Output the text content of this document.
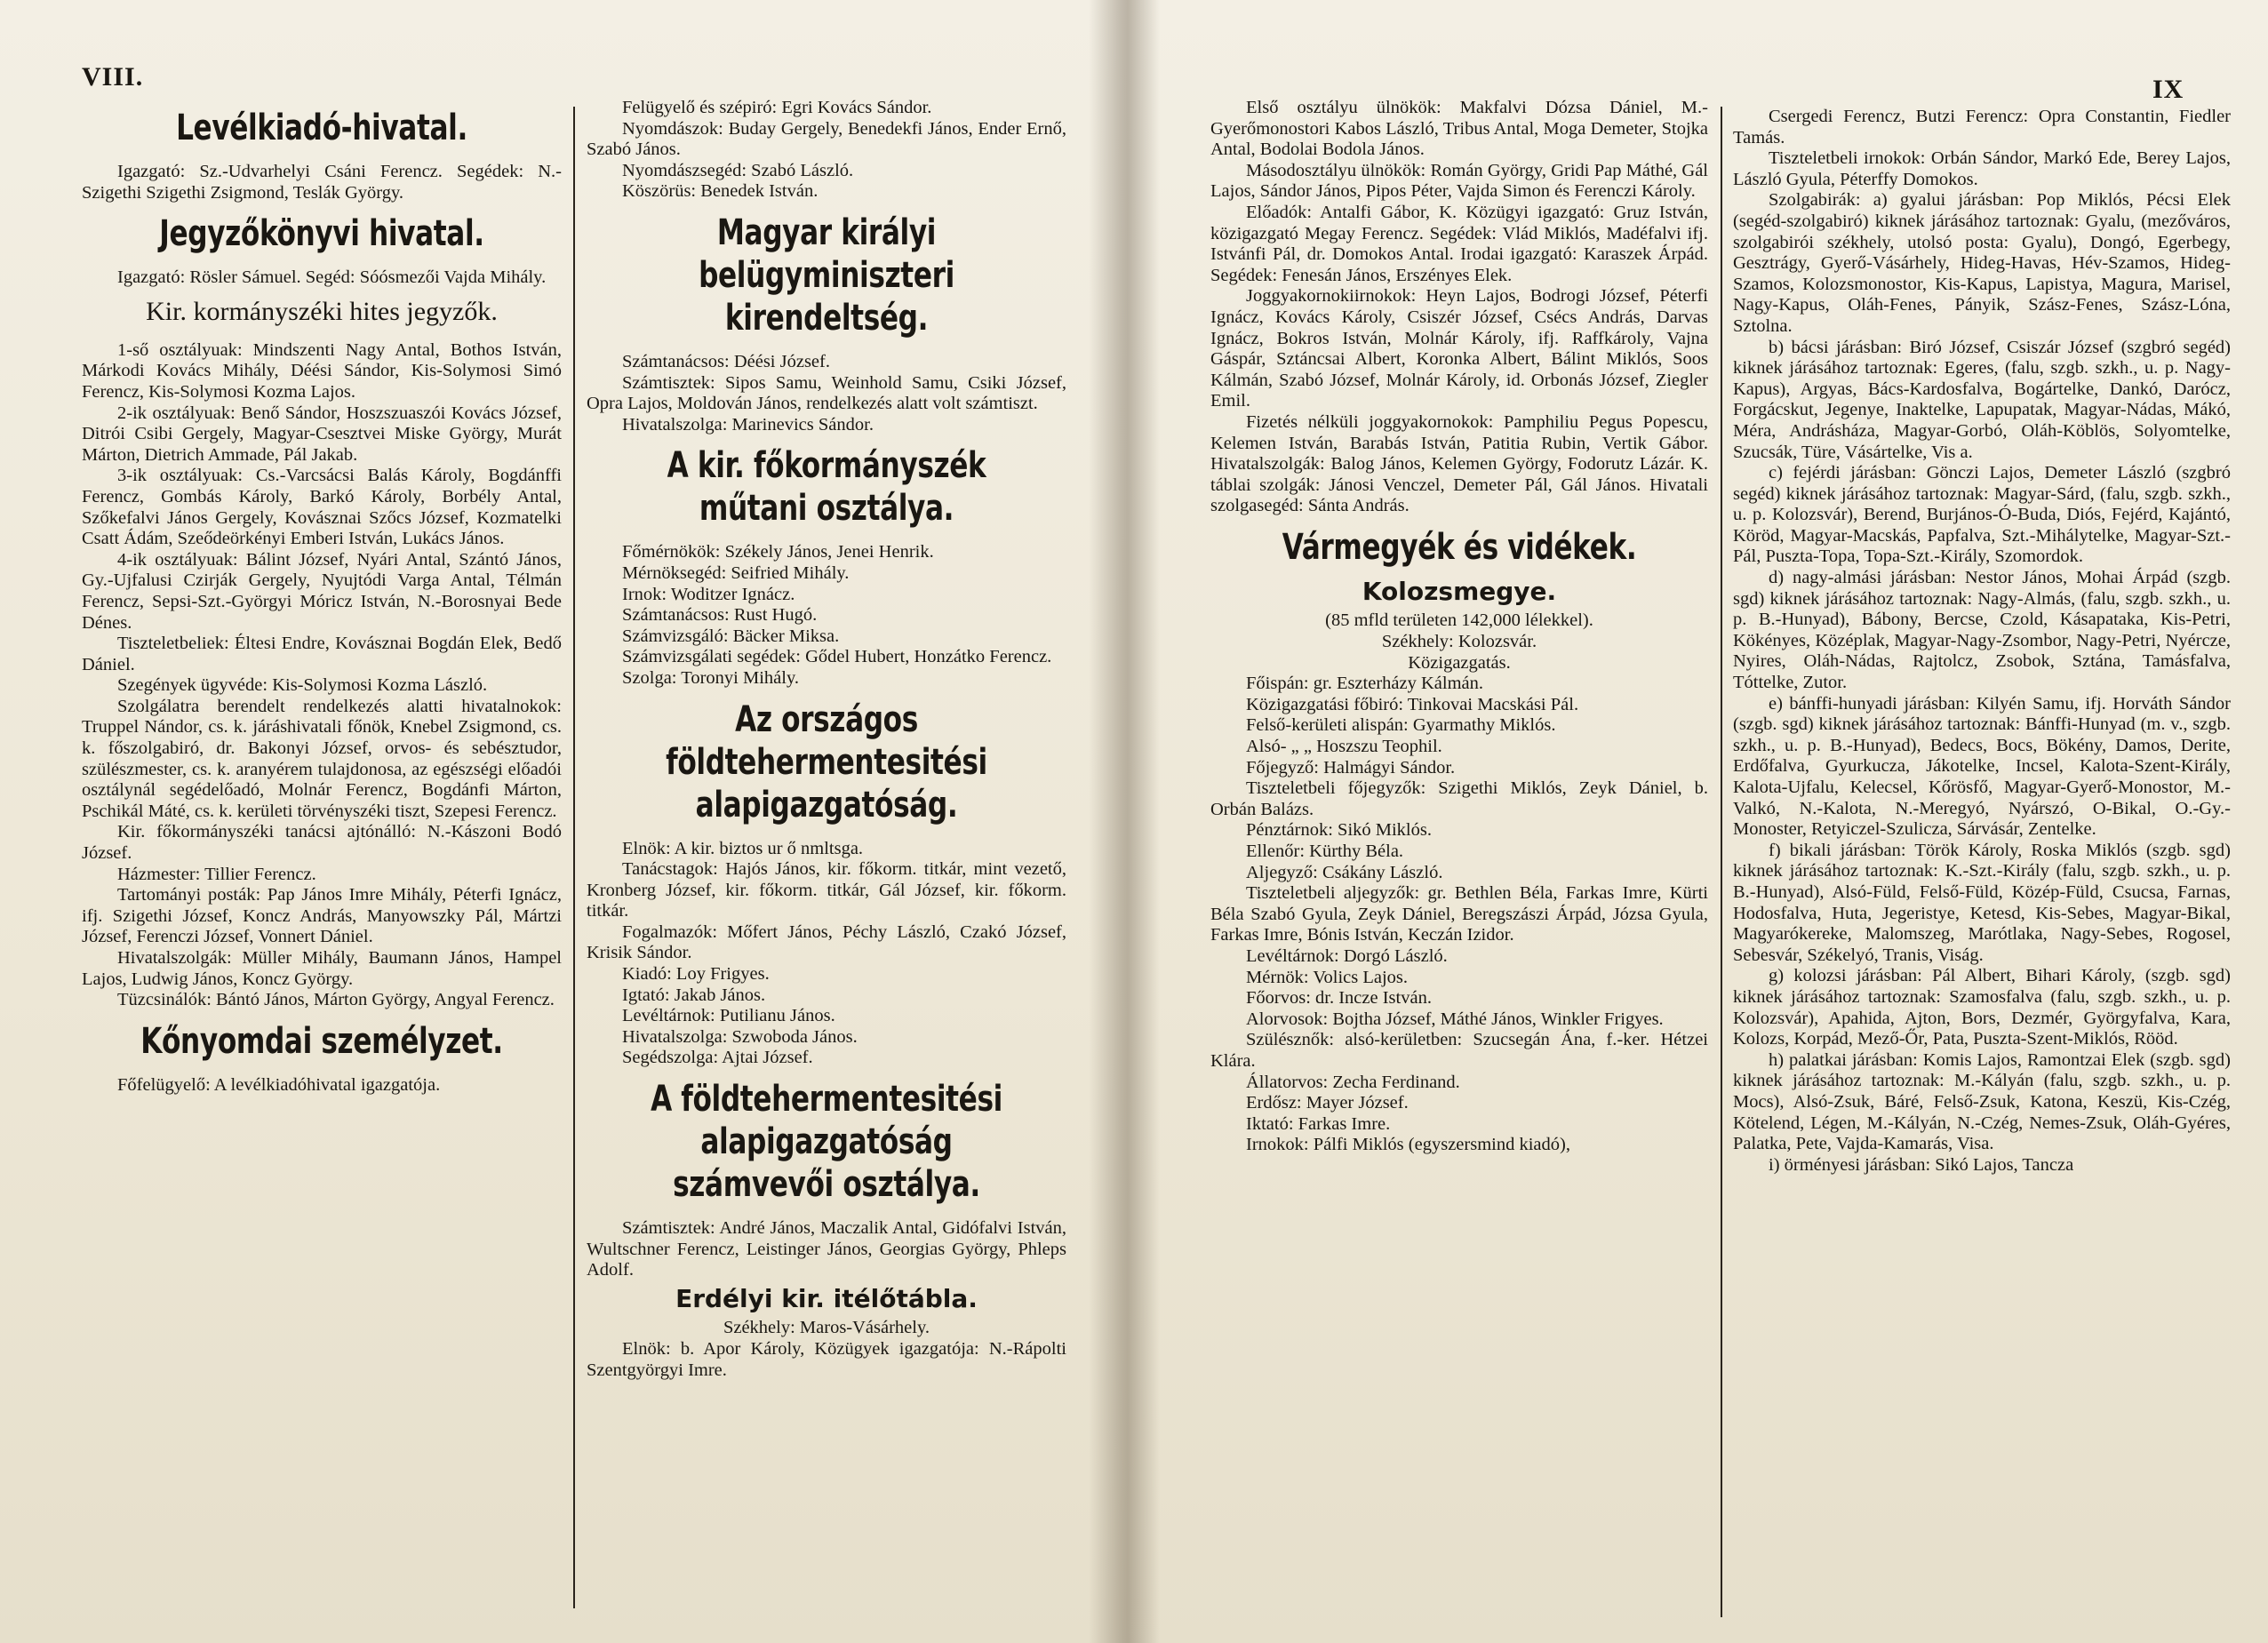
VIII.
Levélkiadó-hivatal.

Igazgató: Sz.-Udvarhelyi Csáni Ferencz. Segédek: N.-Szigethi Szigethi Zsigmond, Teslák György.

Jegyzőkönyvi hivatal.

Igazgató: Rösler Sámuel. Segéd: Sóósmezői Vajda Mihály.

Kir. kormányszéki hites jegyzők.

1-ső osztályuak: Mindszenti Nagy Antal, Bothos István, Márkodi Kovács Mihály, Déési Sándor, Kis-Solymosi Simó Ferencz, Kis-Solymosi Kozma Lajos.

2-ik osztályuak: Benő Sándor, Hoszszuaszói Kovács József, Ditrói Csibi Gergely, Magyar-Csesztvei Miske György, Murát Márton, Dietrich Ammade, Pál Jakab.

3-ik osztályuak: Cs.-Varcsácsi Balás Károly, Bogdánffi Ferencz, Gombás Károly, Barkó Károly, Borbély Antal, Szőkefalvi János Gergely, Kovásznai Szőcs József, Kozmatelki Csatt Ádám, Szeődeörkényi Emberi István, Lukács János.

4-ik osztályuak: Bálint József, Nyári Antal, Szántó János, Gy.-Ujfalusi Czirják Gergely, Nyujtódi Varga Antal, Télmán Ferencz, Sepsi-Szt.-Györgyi Móricz István, N.-Borosnyai Bede Dénes.

Tiszteletbeliek: Éltesi Endre, Kovásznai Bogdán Elek, Bedő Dániel.

Szegények ügyvéde: Kis-Solymosi Kozma László.

Szolgálatra berendelt rendelkezés alatti hivatalnokok: Truppel Nándor, cs. k. járáshivatali főnök, Knebel Zsigmond, cs. k. főszolgabiró, dr. Bakonyi József, orvos- és sebésztudor, szülészmester, cs. k. aranyérem tulajdonosa, az egészségi előadói osztálynál segédelőadó, Molnár Ferencz, Bogdánfi Márton, Pschikál Máté, cs. k. kerületi törvényszéki tiszt, Szepesi Ferencz.

Kir. főkormányszéki tanácsi ajtónálló: N.-Kászoni Bodó József.

Házmester: Tillier Ferencz.

Tartományi posták: Pap János Imre Mihály, Péterfi Ignácz, ifj. Szigethi József, Koncz András, Manyowszky Pál, Mártzi József, Ferenczi József, Vonnert Dániel.

Hivatalszolgák: Müller Mihály, Baumann János, Hampel Lajos, Ludwig János, Koncz György.

Tüzcsinálók: Bántó János, Márton György, Angyal Ferencz.

Kőnyomdai személyzet.

Főfelügyelő: A levélkiadóhivatal igazgatója.

Felügyelő és szépiró: Egri Kovács Sándor.

Nyomdászok: Buday Gergely, Benedekfi János, Ender Ernő, Szabó János.

Nyomdászsegéd: Szabó László.

Köszörüs: Benedek István.

Magyar királyi belügyminiszteri kirendeltség.

Számtanácsos: Déési József.

Számtisztek: Sipos Samu, Weinhold Samu, Csiki József, Opra Lajos, Moldován János, rendelkezés alatt volt számtiszt.

Hivatalszolga: Marinevics Sándor.

A kir. főkormányszék műtani osztálya.

Főmérnökök: Székely János, Jenei Henrik.

Mérnöksegéd: Seifried Mihály.

Irnok: Woditzer Ignácz.

Számtanácsos: Rust Hugó.

Számvizsgáló: Bäcker Miksa.

Számvizsgálati segédek: Gődel Hubert, Honzátko Ferencz.

Szolga: Toronyi Mihály.

Az országos földtehermentesitési alapigazgatóság.

Elnök: A kir. biztos ur ő nmltsga.

Tanácstagok: Hajós János, kir. főkorm. titkár, mint vezető, Kronberg József, kir. főkorm. titkár, Gál József, kir. főkorm. titkár.

Fogalmazók: Mőfert János, Péchy László, Czakó József, Krisik Sándor.

Kiadó: Loy Frigyes.

Igtató: Jakab János.

Levéltárnok: Putilianu János.

Hivatalszolga: Szwoboda János.

Segédszolga: Ajtai József.

A földtehermentesitési alapigazgatóság számvevői osztálya.

Számtisztek: André János, Maczalik Antal, Gidófalvi István, Wultschner Ferencz, Leistinger János, Georgias György, Phleps Adolf.

Erdélyi kir. itélőtábla.
Székhely: Maros-Vásárhely.

Elnök: b. Apor Károly, Közügyek igazgatója: N.-Rápolti Szentgyörgyi Imre.

IX

Első osztályu ülnökök: Makfalvi Dózsa Dániel, M.-Gyerőmonostori Kabos László, Tribus Antal, Moga Demeter, Stojka Antal, Bodolai Bodola János.

Másodosztályu ülnökök: Román György, Gridi Pap Máthé, Gál Lajos, Sándor János, Pipos Péter, Vajda Simon és Ferenczi Károly.

Előadók: Antalfi Gábor, K. Közügyi igazgató: Gruz István, közigazgató Megay Ferencz. Segédek: Vlád Miklós, Madéfalvi ifj. Istvánfi Pál, dr. Domokos Antal. Irodai igazgató: Karaszek Árpád. Segédek: Fenesán János, Erszényes Elek.

Joggyakornokiirnokok: Heyn Lajos, Bodrogi József, Péterfi Ignácz, Kovács Károly, Csiszér József, Csécs András, Darvas Ignácz, Bokros István, Molnár Károly, ifj. Raffkároly, Vajna Gáspár, Sztáncsai Albert, Koronka Albert, Bálint Miklós, Soos Kálmán, Szabó József, Molnár Károly, id. Orbonás József, Ziegler Emil.

Fizetés nélküli joggyakornokok: Pamphiliu Pegus Popescu, Kelemen István, Barabás István, Patitia Rubin, Vertik Gábor. Hivatalszolgák: Balog János, Kelemen György, Fodorutz Lázár. K. táblai szolgák: Jánosi Venczel, Demeter Pál, Gál János. Hivatali szolgasegéd: Sánta András.

Vármegyék és vidékek.
Kolozsmegye.
(85 mfld területen 142,000 lélekkel).
Székhely: Kolozsvár.
Közigazgatás.

Főispán: gr. Eszterházy Kálmán.

Közigazgatási főbiró: Tinkovai Macskási Pál.

Felső-kerületi alispán: Gyarmathy Miklós.

Alsó- „ „ Hoszszu Teophil.

Főjegyző: Halmágyi Sándor.

Tiszteletbeli főjegyzők: Szigethi Miklós, Zeyk Dániel, b. Orbán Balázs.

Pénztárnok: Sikó Miklós.

Ellenőr: Kürthy Béla.

Aljegyző: Csákány László.

Tiszteletbeli aljegyzők: gr. Bethlen Béla, Farkas Imre, Kürti Béla Szabó Gyula, Zeyk Dániel, Beregszászi Árpád, Józsa Gyula, Farkas Imre, Bónis István, Keczán Izidor.

Levéltárnok: Dorgó László.

Mérnök: Volics Lajos.

Főorvos: dr. Incze István.

Alorvosok: Bojtha József, Máthé János, Winkler Frigyes.

Szülésznők: alsó-kerületben: Szucsegán Ána, f.-ker. Hétzei Klára.

Állatorvos: Zecha Ferdinand.

Erdősz: Mayer József.

Iktató: Farkas Imre.

Irnokok: Pálfi Miklós (egyszersmind kiadó),

Csergedi Ferencz, Butzi Ferencz: Opra Constantin, Fiedler Tamás.

Tiszteletbeli irnokok: Orbán Sándor, Markó Ede, Berey Lajos, László Gyula, Péterffy Domokos.

Szolgabirák: a) gyalui járásban: Pop Miklós, Pécsi Elek (segéd-szolgabiró) kiknek járásához tartoznak: Gyalu, (mezőváros, szolgabirói székhely, utolsó posta: Gyalu), Dongó, Egerbegy, Gesztrágy, Gyerő-Vásárhely, Hideg-Havas, Hév-Szamos, Hideg-Szamos, Kolozsmonostor, Kis-Kapus, Lapistya, Magura, Marisel, Nagy-Kapus, Oláh-Fenes, Pányik, Szász-Fenes, Szász-Lóna, Sztolna.

b) bácsi járásban: Biró József, Csiszár József (szgbró segéd) kiknek járásához tartoznak: Egeres, (falu, szgb. szkh., u. p. Nagy-Kapus), Argyas, Bács-Kardosfalva, Bogártelke, Dankó, Darócz, Forgácskut, Jegenye, Inaktelke, Lapupatak, Magyar-Nádas, Mákó, Méra, Andrásháza, Magyar-Gorbó, Oláh-Köblös, Solyomtelke, Szucsák, Türe, Vásártelke, Vis a.

c) fejérdi járásban: Gönczi Lajos, Demeter László (szgbró segéd) kiknek járásához tartoznak: Magyar-Sárd, (falu, szgb. szkh., u. p. Kolozsvár), Berend, Burjános-Ó-Buda, Diós, Fejérd, Kajántó, Köröd, Magyar-Macskás, Papfalva, Szt.-Mihálytelke, Magyar-Szt.-Pál, Puszta-Topa, Topa-Szt.-Király, Szomordok.

d) nagy-almási járásban: Nestor János, Mohai Árpád (szgb. sgd) kiknek járásához tartoznak: Nagy-Almás, (falu, szgb. szkh., u. p. B.-Hunyad), Bábony, Bercse, Czold, Kásapataka, Kis-Petri, Kökényes, Középlak, Magyar-Nagy-Zsombor, Nagy-Petri, Nyércze, Nyires, Oláh-Nádas, Rajtolcz, Zsobok, Sztána, Tamásfalva, Tóttelke, Zutor.

e) bánffi-hunyadi járásban: Kilyén Samu, ifj. Horváth Sándor (szgb. sgd) kiknek járásához tartoznak: Bánffi-Hunyad (m. v., szgb. szkh., u. p. B.-Hunyad), Bedecs, Bocs, Bökény, Damos, Derite, Erdőfalva, Gyurkucza, Jákotelke, Incsel, Kalota-Szent-Király, Kalota-Ujfalu, Kelecsel, Kőrösfő, Magyar-Gyerő-Monostor, M.-Valkó, N.-Kalota, N.-Meregyó, Nyárszó, O-Bikal, O.-Gy.-Monoster, Retyiczel-Szulicza, Sárvásár, Zentelke.

f) bikali járásban: Török Károly, Roska Miklós (szgb. sgd) kiknek járásához tartoznak: K.-Szt.-Király (falu, szgb. szkh., u. p. B.-Hunyad), Alsó-Füld, Felső-Füld, Közép-Füld, Csucsa, Farnas, Hodosfalva, Huta, Jegeristye, Ketesd, Kis-Sebes, Magyar-Bikal, Magyarókereke, Malomszeg, Marótlaka, Nagy-Sebes, Rogosel, Sebesvár, Székelyó, Tranis, Viság.

g) kolozsi járásban: Pál Albert, Bihari Károly, (szgb. sgd) kiknek járásához tartoznak: Szamosfalva (falu, szgb. szkh., u. p. Kolozsvár), Apahida, Ajton, Bors, Dezmér, Györgyfalva, Kara, Kolozs, Korpád, Mező-Őr, Pata, Puszta-Szent-Miklós, Rööd.

h) palatkai járásban: Komis Lajos, Ramontzai Elek (szgb. sgd) kiknek járásához tartoznak: M.-Kályán (falu, szgb. szkh., u. p. Mocs), Alsó-Zsuk, Báré, Felső-Zsuk, Katona, Keszü, Kis-Czég, Kötelend, Légen, M.-Kályán, N.-Czég, Nemes-Zsuk, Oláh-Gyéres, Palatka, Pete, Vajda-Kamarás, Visa.

i) örményesi járásban: Sikó Lajos, Tancza
